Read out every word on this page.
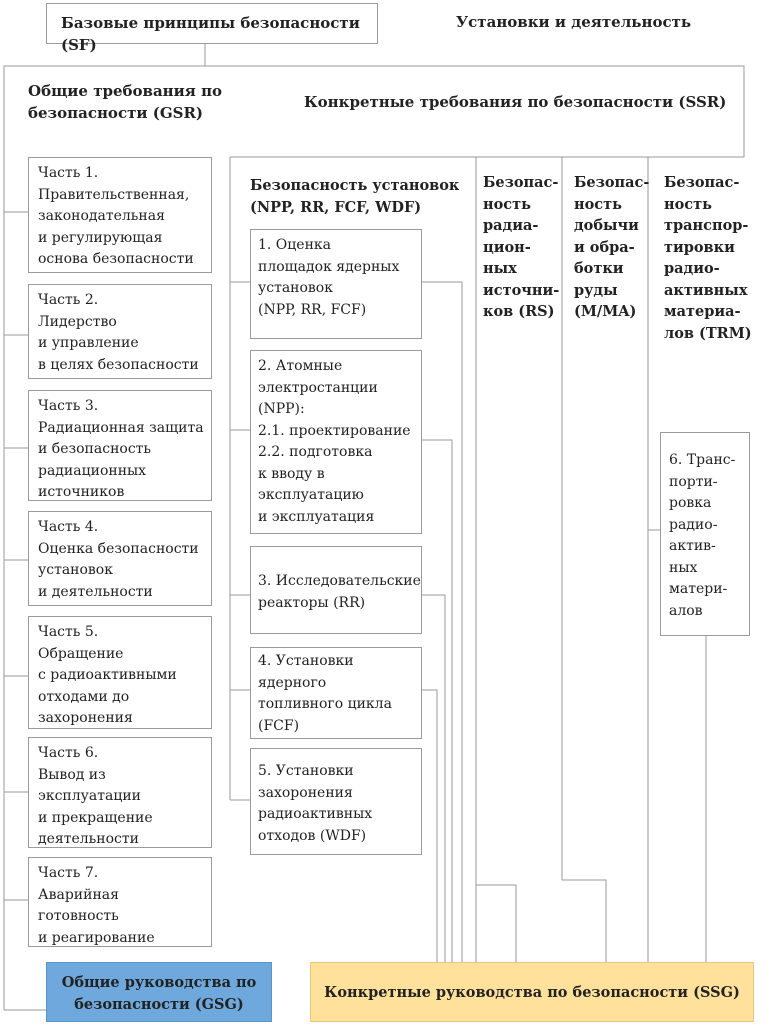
Базовые принципы безопасности (SF)
Установки и деятельность
Общие требования по
безопасности (GSR)
Конкретные требования по безопасности (SSR)
Часть 1.
Правительственная,
законодательная
и регулирующая
основа безопасности
Часть 2.
Лидерство
и управление
в целях безопасности
Часть 3.
Радиационная защита
и безопасность
радиационных
источников
Часть 4.
Оценка безопасности
установок
и деятельности
Часть 5.
Обращение
с радиоактивными
отходами до
захоронения
Часть 6.
Вывод из
эксплуатации
и прекращение
деятельности
Часть 7.
Аварийная
готовность
и реагирование
Безопасность установок
(NPP, RR, FCF, WDF)
1. Оценка
площадок ядерных
установок
(NPP, RR, FCF)
2. Атомные
электростанции
(NPP):
2.1. проектирование
2.2. подготовка
к вводу в
эксплуатацию
и эксплуатация
3. Исследовательские
реакторы (RR)
4. Установки
ядерного
топливного цикла
(FCF)
5. Установки
захоронения
радиоактивных
отходов (WDF)
Безопас-
ность
радиа-
цион-
ных
источни-
ков (RS)
Безопас-
ность
добычи
и обра-
ботки
руды
(M/MA)
Безопас-
ность
транспор-
тировки
радио-
активных
материа-
лов (TRM)
6. Транс-
порти-
ровка
радио-
актив-
ных
матери-
алов
Общие руководства по
безопасности (GSG)
Конкретные руководства по безопасности (SSG)
